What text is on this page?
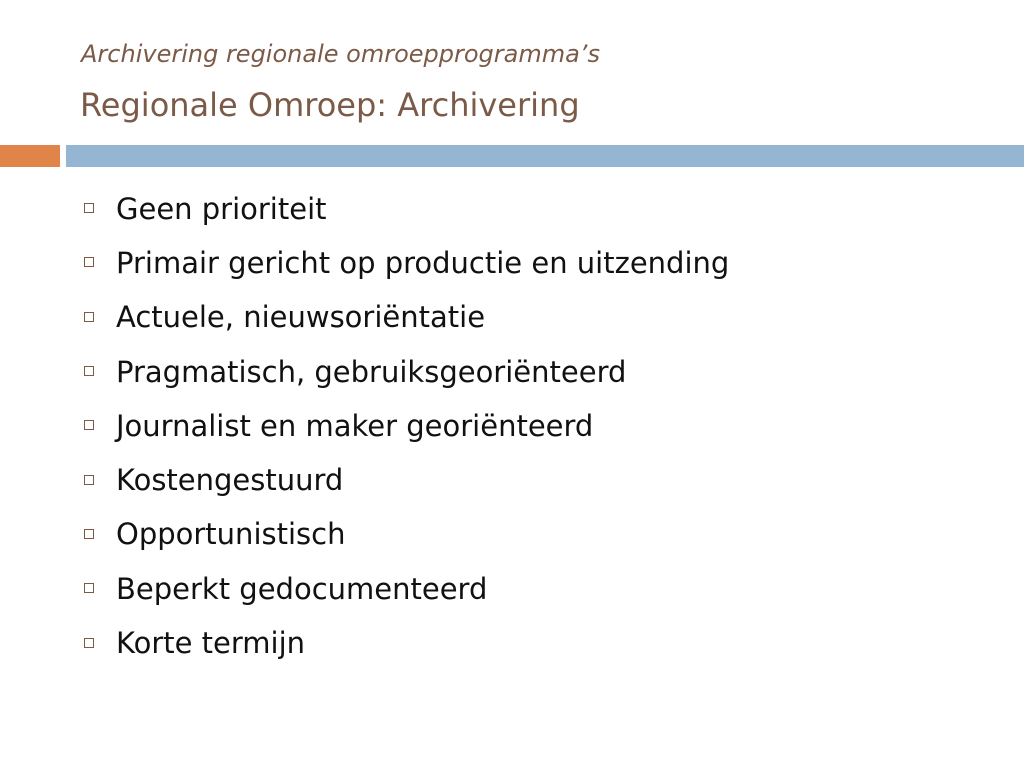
Archivering regionale omroepprogramma’s
Regionale Omroep: Archivering
Geen prioriteit
Primair gericht op productie en uitzending
Actuele, nieuwsoriëntatie
Pragmatisch, gebruiksgeoriënteerd
Journalist en maker georiënteerd
Kostengestuurd
Opportunistisch
Beperkt gedocumenteerd
Korte termijn
